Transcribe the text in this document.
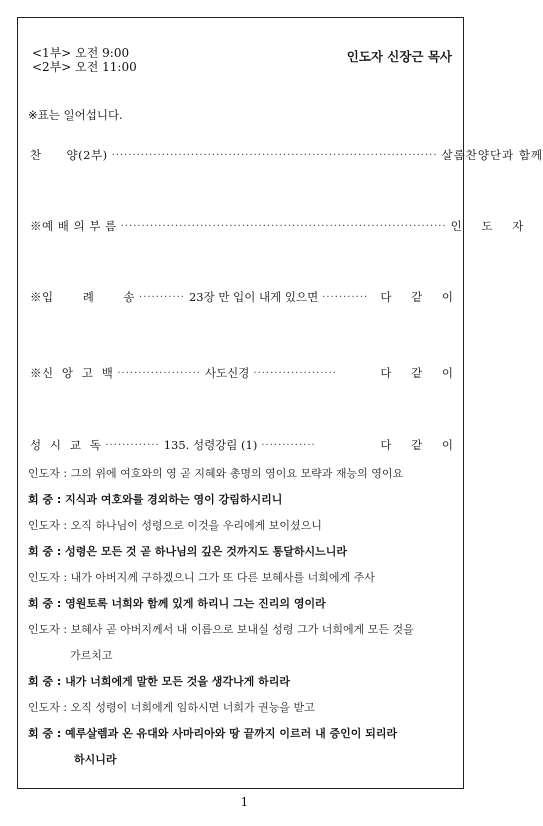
<1부> 오전 9:00
<2부> 오전 11:00
인도자 신장근 목사
※표는 일어섭니다.
찬      양(2부) ·············································································· 살롬찬양단과 함께
※예 배 의 부 름 ·············································································· 인    도    자
※입       례       송 ··········· 23장 만 입이 내게 있으면 ···········	다    같    이
※신  앙  고  백 ···················· 사도신경 ····················	다    같    이
성  시  교  독 ············· 135. 성령강림 (1) ·············	다    같    이
인도자 : 그의 위에 여호와의 영 곧 지혜와 총명의 영이요 모략과 재능의 영이요
회 중 : 지식과 여호와를 경외하는 영이 강림하시리니
인도자 : 오직 하나님이 성령으로 이것을 우리에게 보이셨으니
회 중 : 성령은 모든 것 곧 하나님의 깊은 것까지도 통달하시느니라
인도자 : 내가 아버지께 구하겠으니 그가 또 다른 보혜사를 너희에게 주사
회 중 : 영원토록 너희와 함께 있게 하리니 그는 진리의 영이라
인도자 : 보혜사 곧 아버지께서 내 이름으로 보내실 성령 그가 너희에게 모든 것을
가르치고
회 중 : 내가 너희에게 말한 모든 것을 생각나게 하리라
인도자 : 오직 성령이 너희에게 임하시면 너희가 권능을 받고
회 중 : 예루살렘과 온 유대와 사마리아와 땅 끝까지 이르러 내 증인이 되리라
하시니라
1
